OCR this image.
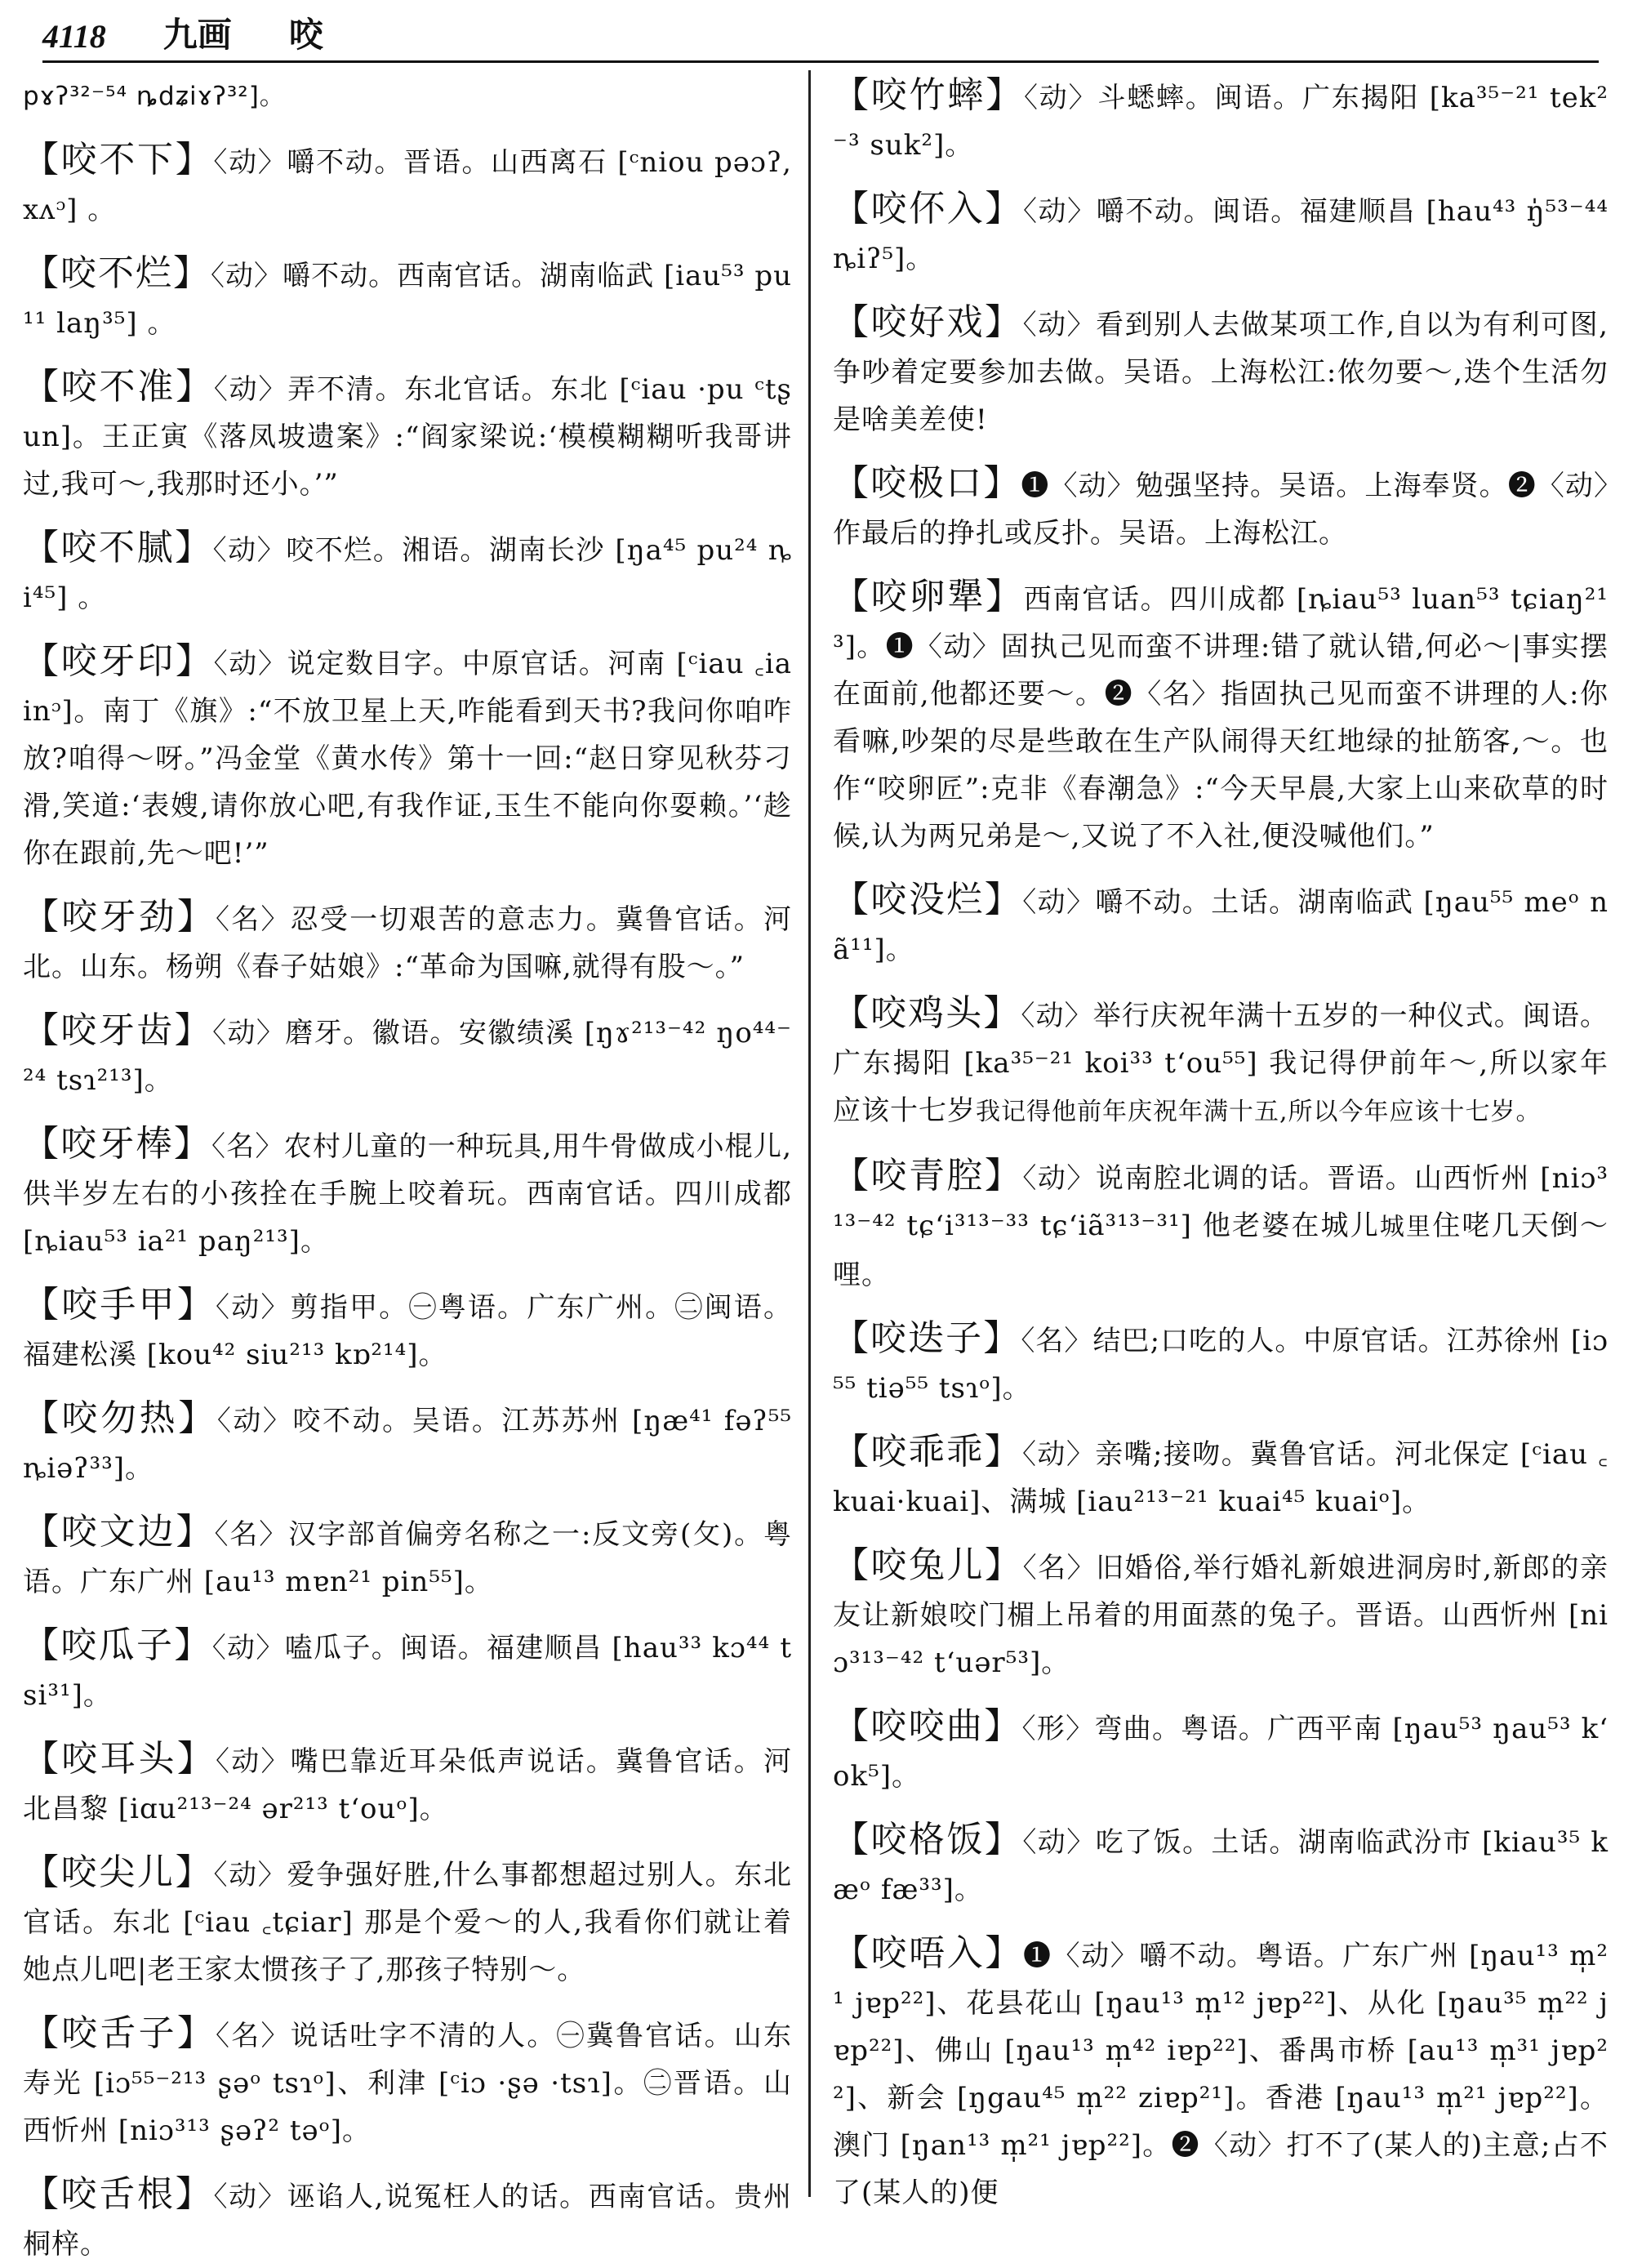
4118 九画 咬
pɤʔ³²⁻⁵⁴ ȵdʑiɤʔ³²]。
【咬不下】〈动〉嚼不动。晋语。山西离石 [ᶜniou pəɔʔ, xʌᵓ] 。
【咬不烂】〈动〉嚼不动。西南官话。湖南临武 [iau⁵³ pu¹¹ laŋ³⁵] 。
【咬不准】〈动〉弄不清。东北官话。东北 [ᶜiau ·pu ᶜtʂun]。王正寅《落凤坡遗案》:“阎家梁说:‘模模糊糊听我哥讲过,我可～,我那时还小。’”
【咬不腻】〈动〉咬不烂。湘语。湖南长沙 [ŋa⁴⁵ pu²⁴ ȵi⁴⁵] 。
【咬牙印】〈动〉说定数目字。中原官话。河南 [ᶜiau ꜀ia inᵓ]。南丁《旗》:“不放卫星上天,咋能看到天书?我问你咱咋放?咱得～呀。”冯金堂《黄水传》第十一回:“赵日穿见秋芬刁滑,笑道:‘表嫂,请你放心吧,有我作证,玉生不能向你耍赖。’‘趁你在跟前,先～吧!’”
【咬牙劲】〈名〉忍受一切艰苦的意志力。冀鲁官话。河北。山东。杨朔《春子姑娘》:“革命为国嘛,就得有股～。”
【咬牙齿】〈动〉磨牙。徽语。安徽绩溪 [ŋɤ²¹³⁻⁴² ŋo⁴⁴⁻²⁴ tsɿ²¹³]。
【咬牙棒】〈名〉农村儿童的一种玩具,用牛骨做成小棍儿,供半岁左右的小孩拴在手腕上咬着玩。西南官话。四川成都 [ȵiau⁵³ ia²¹ paŋ²¹³]。
【咬手甲】〈动〉剪指甲。㊀粤语。广东广州。㊁闽语。福建松溪 [kou⁴² siu²¹³ kɒ²¹⁴]。
【咬勿热】〈动〉咬不动。吴语。江苏苏州 [ŋæ⁴¹ fəʔ⁵⁵ ȵiəʔ³³]。
【咬文边】〈名〉汉字部首偏旁名称之一:反文旁(攵)。粤语。广东广州 [au¹³ mɐn²¹ pin⁵⁵]。
【咬瓜子】〈动〉嗑瓜子。闽语。福建顺昌 [hau³³ kɔ⁴⁴ tsi³¹]。
【咬耳头】〈动〉嘴巴靠近耳朵低声说话。冀鲁官话。河北昌黎 [iɑu²¹³⁻²⁴ ər²¹³ tʻouᵒ]。
【咬尖儿】〈动〉爱争强好胜,什么事都想超过别人。东北官话。东北 [ᶜiau ꜀tɕiar] 那是个爱～的人,我看你们就让着她点儿吧|老王家太惯孩子了,那孩子特别～。
【咬舌子】〈名〉说话吐字不清的人。㊀冀鲁官话。山东寿光 [iɔ⁵⁵⁻²¹³ ʂəᵒ tsɿᵒ]、利津 [ᶜiɔ ·ʂə ·tsɿ]。㊁晋语。山西忻州 [niɔ³¹³ ʂəʔ² təᵒ]。
【咬舌根】〈动〉诬谄人,说冤枉人的话。西南官话。贵州桐梓。
【咬竹蟀】〈动〉斗蟋蟀。闽语。广东揭阳 [ka³⁵⁻²¹ tek²⁻³ suk²]。
【咬伓入】〈动〉嚼不动。闽语。福建顺昌 [hau⁴³ ŋ̍⁵³⁻⁴⁴ ȵiʔ⁵]。
【咬好戏】〈动〉看到别人去做某项工作,自以为有利可图,争吵着定要参加去做。吴语。上海松江:侬勿要～,迭个生活勿是啥美差使!
【咬极口】❶〈动〉勉强坚持。吴语。上海奉贤。❷〈动〉作最后的挣扎或反扑。吴语。上海松江。
【咬卵犟】西南官话。四川成都 [ȵiau⁵³ luan⁵³ tɕiaŋ²¹³]。❶〈动〉固执己见而蛮不讲理:错了就认错,何必～|事实摆在面前,他都还要～。❷〈名〉指固执己见而蛮不讲理的人:你看嘛,吵架的尽是些敢在生产队闹得天红地绿的扯筋客,～。也作“咬卵匠”:克非《春潮急》:“今天早晨,大家上山来砍草的时候,认为两兄弟是～,又说了不入社,便没喊他们。”
【咬没烂】〈动〉嚼不动。土话。湖南临武 [ŋau⁵⁵ meᵒ nã¹¹]。
【咬鸡头】〈动〉举行庆祝年满十五岁的一种仪式。闽语。广东揭阳 [ka³⁵⁻²¹ koi³³ tʻou⁵⁵] 我记得伊前年～,所以家年应该十七岁我记得他前年庆祝年满十五,所以今年应该十七岁。
【咬青腔】〈动〉说南腔北调的话。晋语。山西忻州 [niɔ³¹³⁻⁴² tɕʻi³¹³⁻³³ tɕʻiã³¹³⁻³¹] 他老婆在城儿城里住咾几天倒～哩。
【咬迭子】〈名〉结巴;口吃的人。中原官话。江苏徐州 [iɔ⁵⁵ tiə⁵⁵ tsɿᵒ]。
【咬乖乖】〈动〉亲嘴;接吻。冀鲁官话。河北保定 [ᶜiau ꜀kuai·kuai]、满城 [iau²¹³⁻²¹ kuai⁴⁵ kuaiᵒ]。
【咬兔儿】〈名〉旧婚俗,举行婚礼新娘进洞房时,新郎的亲友让新娘咬门楣上吊着的用面蒸的兔子。晋语。山西忻州 [niɔ³¹³⁻⁴² tʻuər⁵³]。
【咬咬曲】〈形〉弯曲。粤语。广西平南 [ŋau⁵³ ŋau⁵³ kʻok⁵]。
【咬格饭】〈动〉吃了饭。土话。湖南临武汾市 [kiau³⁵ kæᵒ fæ³³]。
【咬唔入】❶〈动〉嚼不动。粤语。广东广州 [ŋau¹³ m̩²¹ jɐp²²]、花县花山 [ŋau¹³ m̩¹² jɐp²²]、从化 [ŋau³⁵ m̩²² jɐp²²]、佛山 [ŋau¹³ m̩⁴² iɐp²²]、番禺市桥 [au¹³ m̩³¹ jɐp²²]、新会 [ŋgau⁴⁵ m̩²² ziɐp²¹]。香港 [ŋau¹³ m̩²¹ jɐp²²]。澳门 [ŋan¹³ m̩²¹ jɐp²²]。❷〈动〉打不了(某人的)主意;占不了(某人的)便
